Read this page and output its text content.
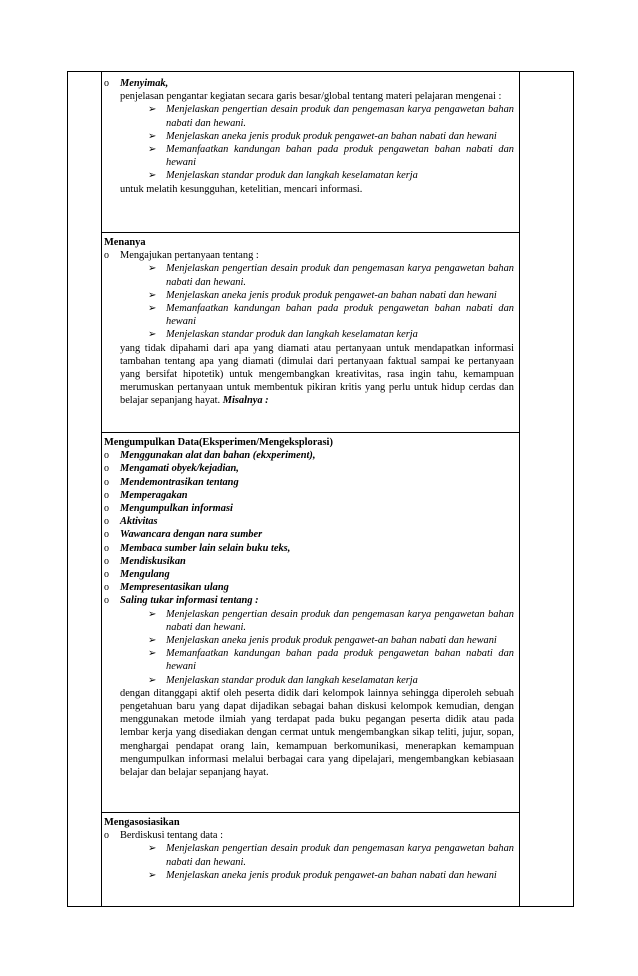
o	Menyimak,
penjelasan pengantar kegiatan secara garis besar/global tentang materi pelajaran mengenai :
➢ Menjelaskan pengertian desain produk dan pengemasan karya pengawetan bahan nabati dan hewani.
➢ Menjelaskan aneka jenis produk produk pengawet-an bahan nabati dan hewani
➢ Memanfaatkan kandungan bahan pada produk pengawetan bahan nabati dan hewani
➢ Menjelaskan standar produk dan langkah keselamatan kerja
untuk melatih kesungguhan, ketelitian, mencari informasi.
Menanya
o	Mengajukan pertanyaan tentang :
➢ Menjelaskan pengertian desain produk dan pengemasan karya pengawetan bahan nabati dan hewani.
➢ Menjelaskan aneka jenis produk produk pengawet-an bahan nabati dan hewani
➢ Memanfaatkan kandungan bahan pada produk pengawetan bahan nabati dan hewani
➢ Menjelaskan standar produk dan langkah keselamatan kerja
yang tidak dipahami dari apa yang diamati atau pertanyaan untuk mendapatkan informasi tambahan tentang apa yang diamati (dimulai dari pertanyaan faktual sampai ke pertanyaan yang bersifat hipotetik) untuk mengembangkan kreativitas, rasa ingin tahu, kemampuan merumuskan pertanyaan untuk membentuk pikiran kritis yang perlu untuk hidup cerdas dan belajar sepanjang hayat. Misalnya :
Mengumpulkan Data(Eksperimen/Mengeksplorasi)
o	Menggunakan alat dan bahan (ekxperiment),
o	Mengamati obyek/kejadian,
o	Mendemontrasikan tentang
o	Memperagakan
o	Mengumpulkan informasi
o	Aktivitas
o	Wawancara dengan nara sumber
o	Membaca sumber lain selain buku teks,
o	Mendiskusikan
o	Mengulang
o	Mempresentasikan ulang
o	Saling tukar informasi tentang :
➢ Menjelaskan pengertian desain produk dan pengemasan karya pengawetan bahan nabati dan hewani.
➢ Menjelaskan aneka jenis produk produk pengawet-an bahan nabati dan hewani
➢ Memanfaatkan kandungan bahan pada produk pengawetan bahan nabati dan hewani
➢ Menjelaskan standar produk dan langkah keselamatan kerja
dengan ditanggapi aktif oleh peserta didik dari kelompok lainnya sehingga diperoleh sebuah pengetahuan baru yang dapat dijadikan sebagai bahan diskusi kelompok kemudian, dengan menggunakan metode ilmiah yang terdapat pada buku pegangan peserta didik atau pada lembar kerja yang disediakan dengan cermat untuk mengembangkan sikap teliti, jujur, sopan, menghargai pendapat orang lain, kemampuan berkomunikasi, menerapkan kemampuan mengumpulkan informasi melalui berbagai cara yang dipelajari, mengembangkan kebiasaan belajar dan belajar sepanjang hayat.
Mengasosiasikan
o	Berdiskusi tentang data :
➢ Menjelaskan pengertian desain produk dan pengemasan karya pengawetan bahan nabati dan hewani.
➢ Menjelaskan aneka jenis produk produk pengawet-an bahan nabati dan hewani
